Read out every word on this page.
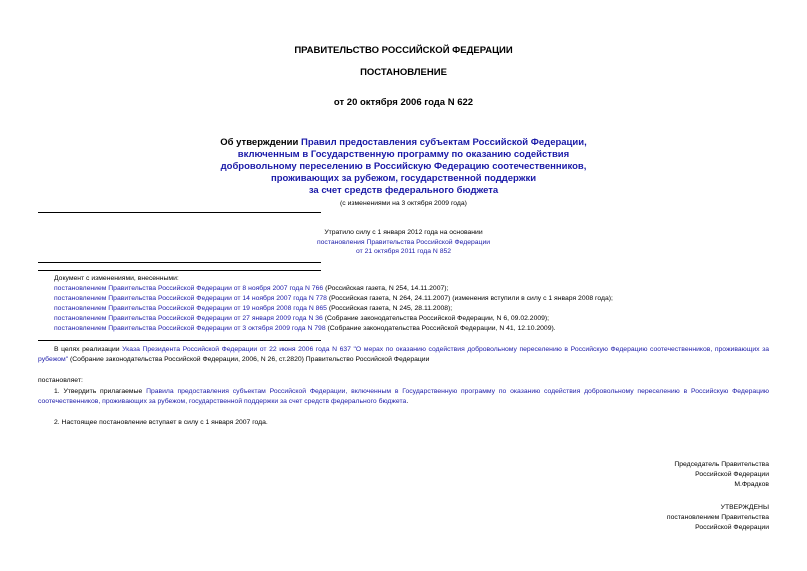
ПРАВИТЕЛЬСТВО РОССИЙСКОЙ ФЕДЕРАЦИИ
ПОСТАНОВЛЕНИЕ
от 20 октября 2006 года N 622
Об утверждении Правил предоставления субъектам Российской Федерации,
включенным в Государственную программу по оказанию содействия
добровольному переселению в Российскую Федерацию соотечественников,
проживающих за рубежом, государственной поддержки
за счет средств федерального бюджета
(с изменениями на 3 октября 2009 года)
Утратило силу с 1 января 2012 года на основании
постановления Правительства Российской Федерации
от 21 октября 2011 года N 852
Документ с изменениями, внесенными:
постановлением Правительства Российской Федерации от 8 ноября 2007 года N 766 (Российская газета, N 254, 14.11.2007);
постановлением Правительства Российской Федерации от 14 ноября 2007 года N 778 (Российская газета, N 264, 24.11.2007) (изменения вступили в силу с 1 января 2008 года);
постановлением Правительства Российской Федерации от 19 ноября 2008 года N 865 (Российская газета, N 245, 28.11.2008);
постановлением Правительства Российской Федерации от 27 января 2009 года N 36 (Собрание законодательства Российской Федерации, N 6, 09.02.2009);
постановлением Правительства Российской Федерации от 3 октября 2009 года N 798 (Собрание законодательства Российской Федерации, N 41, 12.10.2009).
В целях реализации Указа Президента Российской Федерации от 22 июня 2006 года N 637 "О мерах по оказанию содействия добровольному переселению в Российскую Федерацию соотечественников, проживающих за рубежом" (Собрание законодательства Российской Федерации, 2006, N 26, ст.2820) Правительство Российской Федерации
постановляет:
1. Утвердить прилагаемые Правила предоставления субъектам Российской Федерации, включенным в Государственную программу по оказанию содействия добровольному переселению в Российскую Федерацию соотечественников, проживающих за рубежом, государственной поддержки за счет средств федерального бюджета.
2. Настоящее постановление вступает в силу с 1 января 2007 года.
Председатель Правительства
Российской Федерации
М.Фрадков
УТВЕРЖДЕНЫ
постановлением Правительства
Российской Федерации
